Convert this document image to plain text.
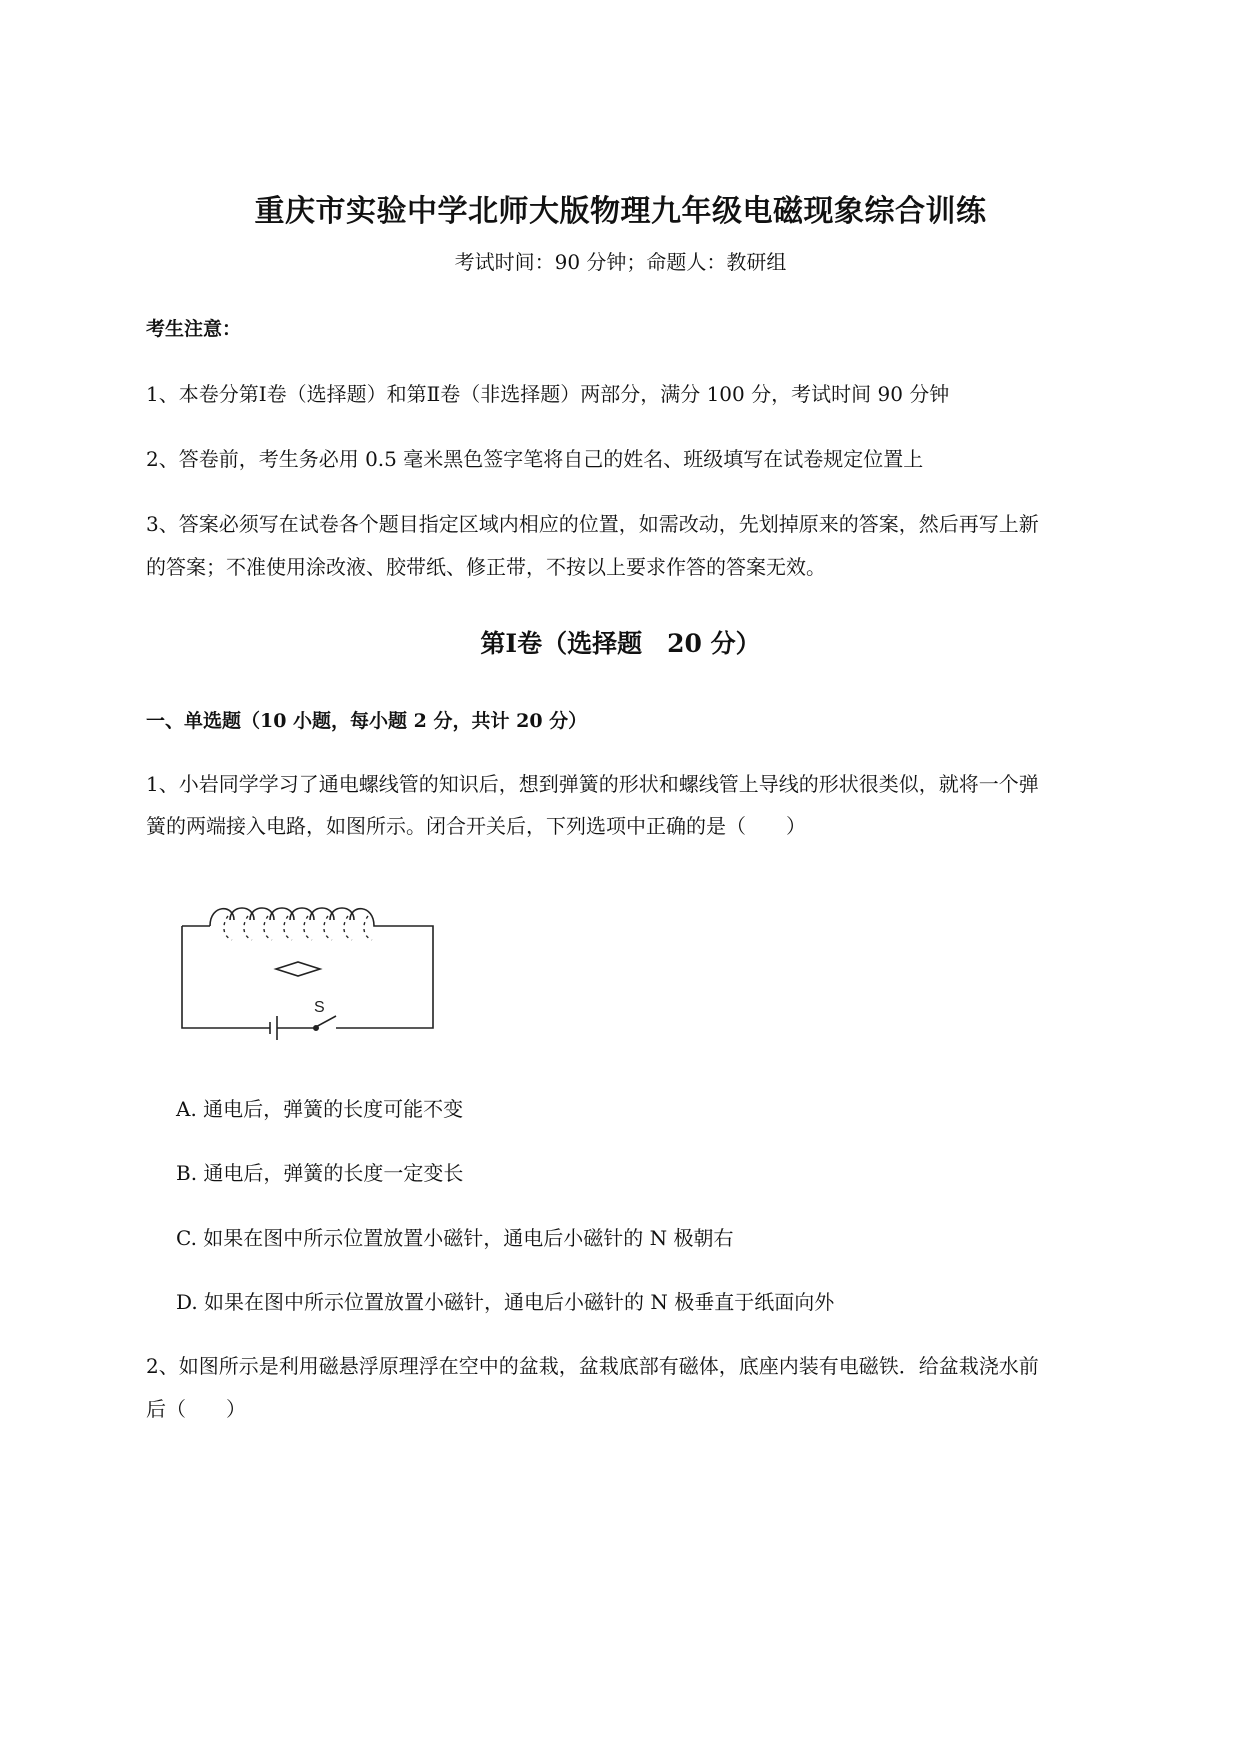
重庆市实验中学北师大版物理九年级电磁现象综合训练
考试时间：90 分钟；命题人：教研组
考生注意：
1、本卷分第Ⅰ卷（选择题）和第Ⅱ卷（非选择题）两部分，满分 100 分，考试时间 90 分钟
2、答卷前，考生务必用 0.5 毫米黑色签字笔将自己的姓名、班级填写在试卷规定位置上
3、答案必须写在试卷各个题目指定区域内相应的位置，如需改动，先划掉原来的答案，然后再写上新
的答案；不准使用涂改液、胶带纸、修正带，不按以上要求作答的答案无效。
第Ⅰ卷（选择题　20 分）
一、单选题（10 小题，每小题 2 分，共计 20 分）
1、小岩同学学习了通电螺线管的知识后，想到弹簧的形状和螺线管上导线的形状很类似，就将一个弹
簧的两端接入电路，如图所示。闭合开关后，下列选项中正确的是（　　）
S
A. 通电后，弹簧的长度可能不变
B. 通电后，弹簧的长度一定变长
C. 如果在图中所示位置放置小磁针，通电后小磁针的 N 极朝右
D. 如果在图中所示位置放置小磁针，通电后小磁针的 N 极垂直于纸面向外
2、如图所示是利用磁悬浮原理浮在空中的盆栽，盆栽底部有磁体，底座内装有电磁铁．给盆栽浇水前
后（　　）
